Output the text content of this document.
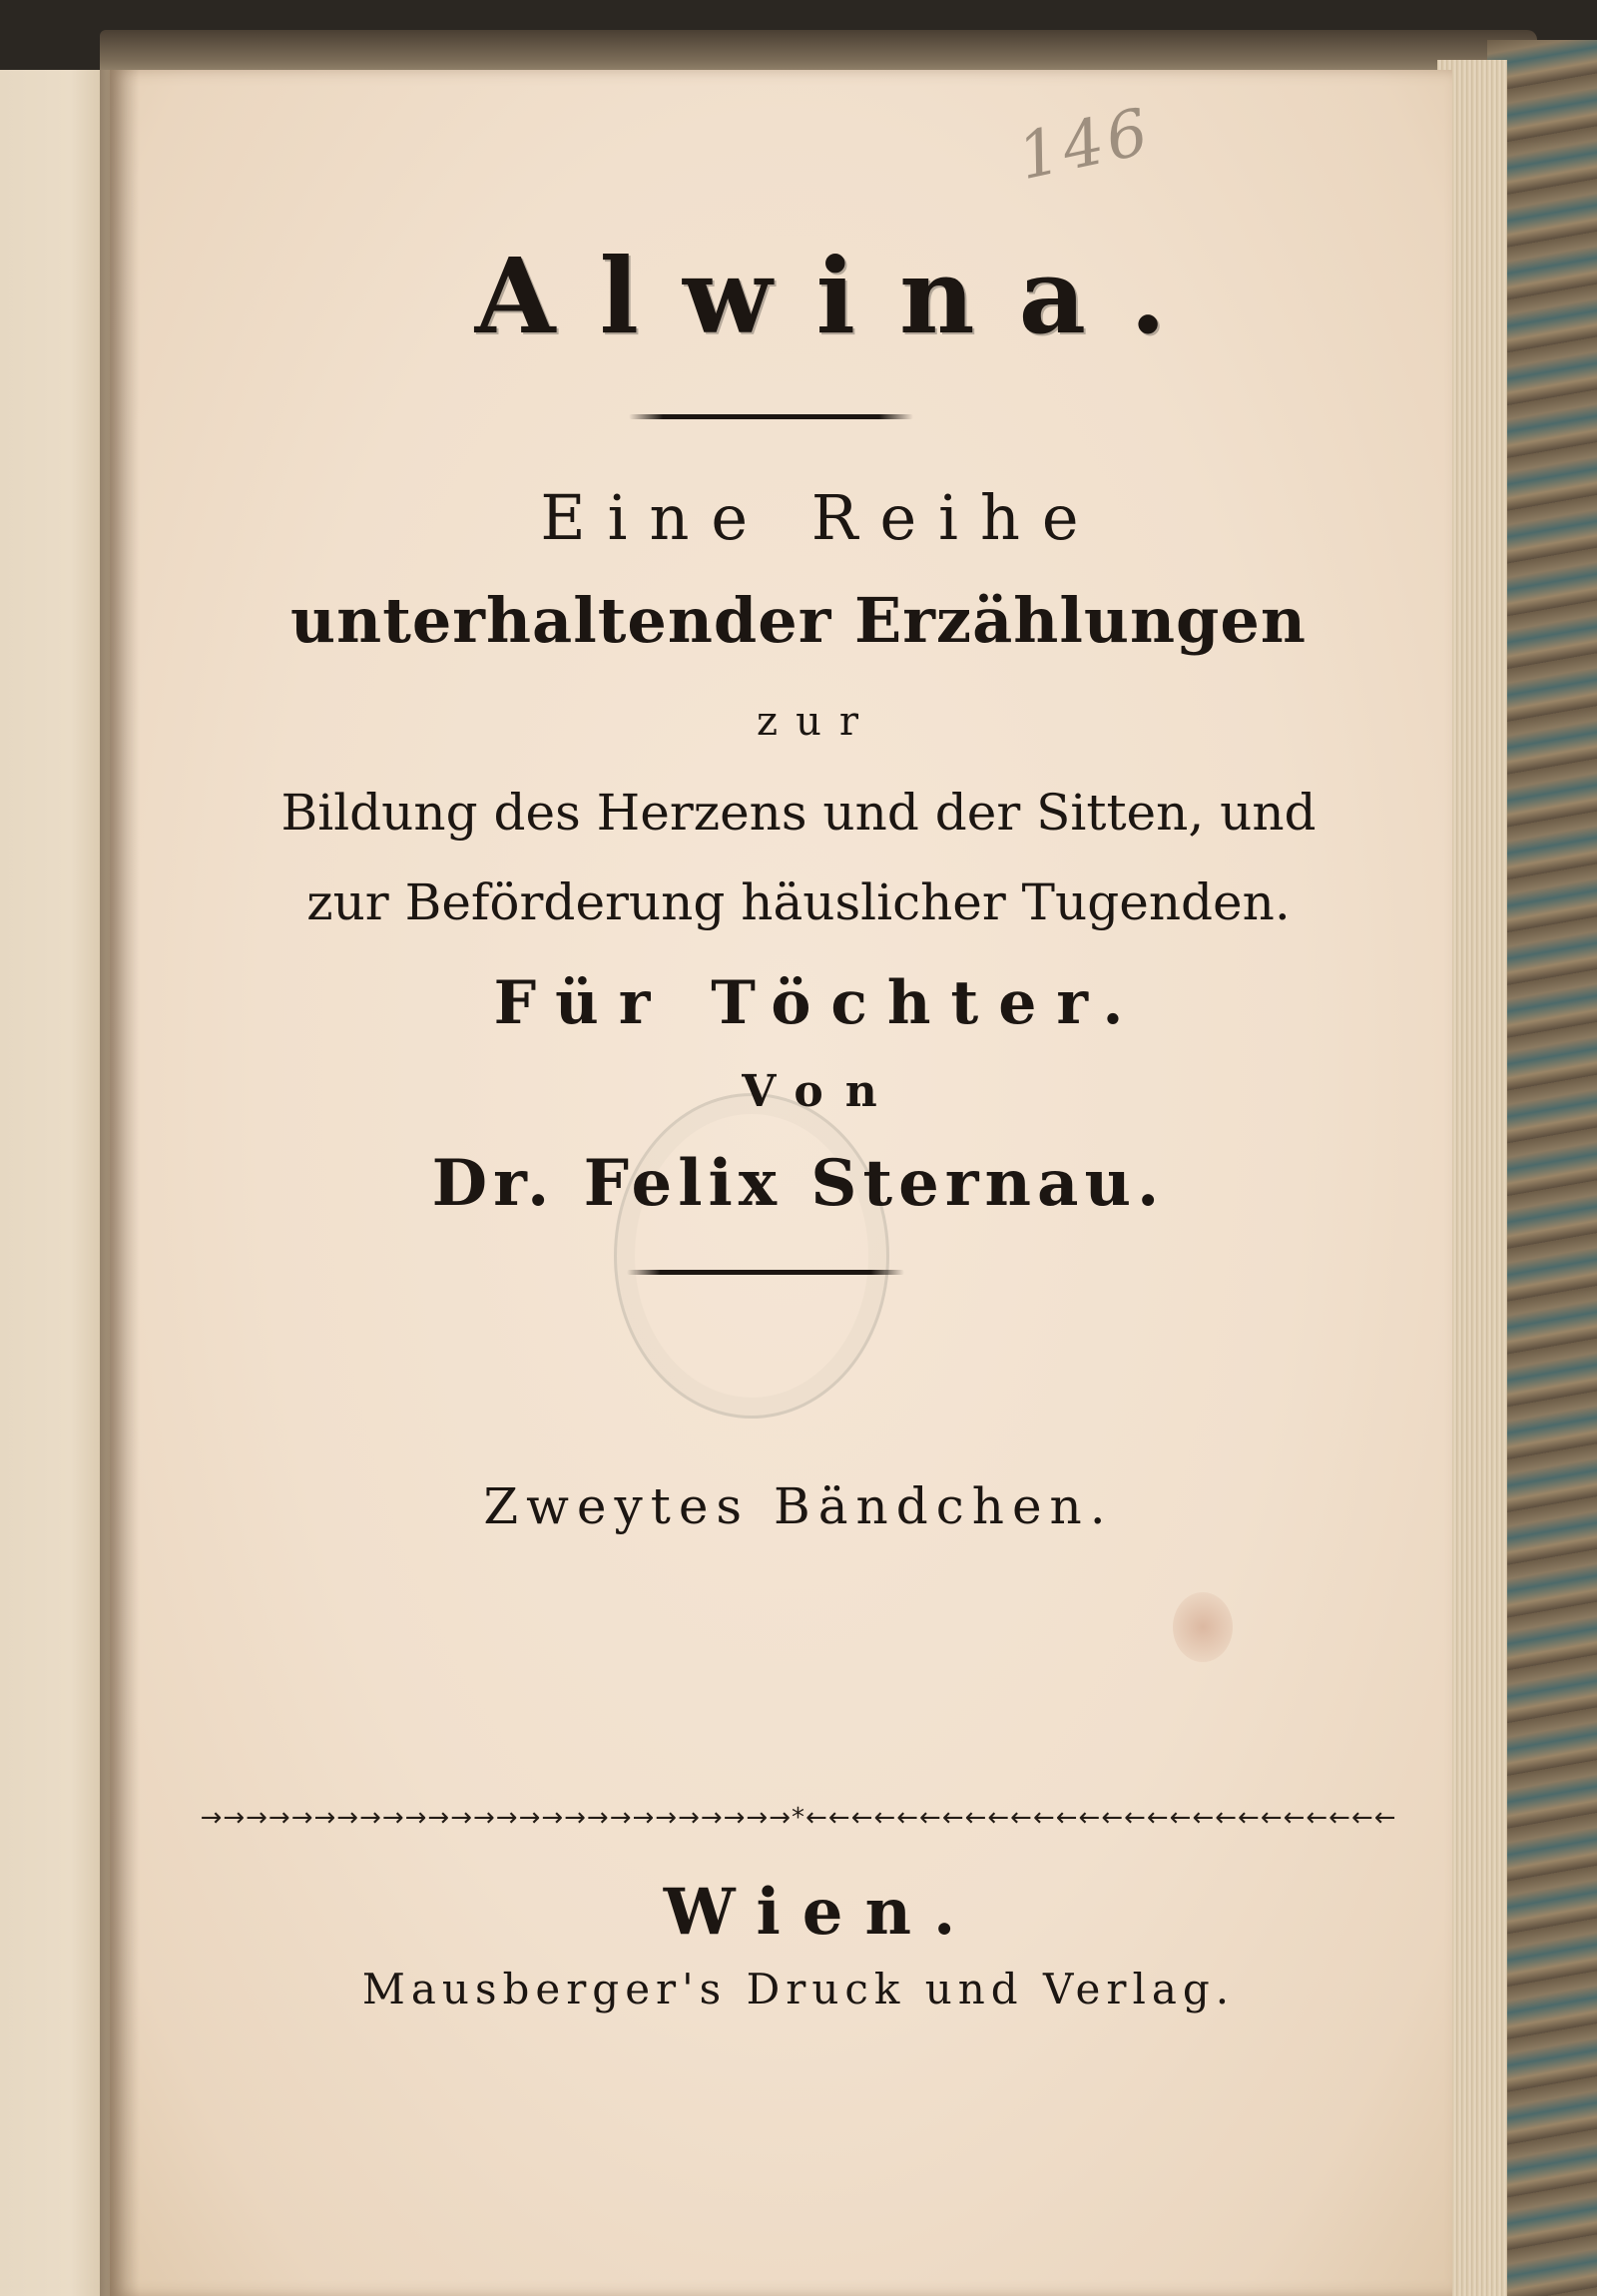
146
Alwina.
Eine Reihe
unterhaltender Erzählungen
zur
Bildung des Herzens und der Sitten, und
zur Beförderung häuslicher Tugenden.
Für Töchter.
Von
Dr. Felix Sternau.
Zweytes Bändchen.
→→→→→→→→→→→→→→→→→→→→→→→→→→*←←←←←←←←←←←←←←←←←←←←←←←←←←
Wien.
Mausberger's Druck und Verlag.
